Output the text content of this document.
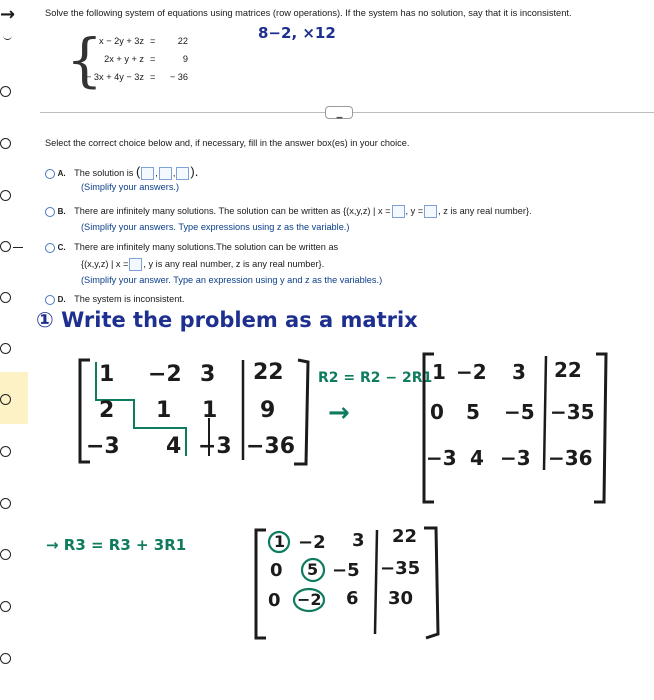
→	Solve the following system of equations using matrices (row operations). If the system has no solution, say that it is inconsistent.
{
x − 2y + 3z = 22
2x + y + z =	9
− 3x + 4y − 3z = − 36
8−2, ×12
•••••
Select the correct choice below and, if necessary, fill in the answer box(es) in your choice.
A. The solution is ( , , ).
(Simplify your answers.)
B. There are infinitely many solutions. The solution can be written as {(x,y,z) | x = , y = , z is any real number}.
(Simplify your answers. Type expressions using z as the variable.)
C. There are infinitely many solutions.The solution can be written as
{(x,y,z) | x = , y is any real number, z is any real number}.
(Simplify your answer. Type an expression using y and z as the variables.)
D. The system is inconsistent.
① Write the problem as a matrix
1 −2 3 22
2 1 1 9
−3 4 −3 −36
R2 = R2 − 2R1
→
1 −2 3 22
0 5 −5 −35
−3 4 −3 −36
→ R3 = R3 + 3R1	1 −2 3 22
0 5 −5 −35
0 −2 6 30
